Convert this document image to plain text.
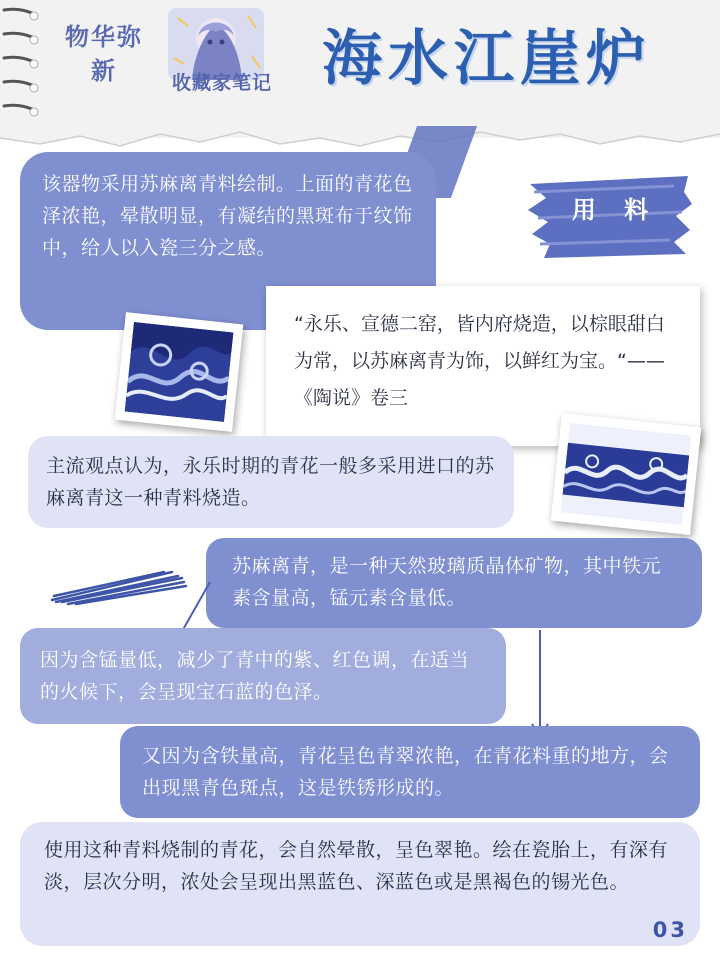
物华弥新	收藏家笔记 海水江崖炉
该器物采用苏麻离青料绘制。上面的青花色泽浓艳，晕散明显，有凝结的黑斑布于纹饰中，给人以入瓷三分之感。
用 料
“永乐、宣德二窑，皆内府烧造，以棕眼甜白为常，以苏麻离青为饰，以鲜红为宝。“——《陶说》卷三
主流观点认为，永乐时期的青花一般多采用进口的苏麻离青这一种青料烧造。
苏麻离青，是一种天然玻璃质晶体矿物，其中铁元素含量高，锰元素含量低。
因为含锰量低，减少了青中的紫、红色调，在适当的火候下，会呈现宝石蓝的色泽。
又因为含铁量高，青花呈色青翠浓艳，在青花料重的地方，会出现黑青色斑点，这是铁锈形成的。
使用这种青料烧制的青花，会自然晕散，呈色翠艳。绘在瓷胎上，有深有淡，层次分明，浓处会呈现出黑蓝色、深蓝色或是黑褐色的锡光色。
03
